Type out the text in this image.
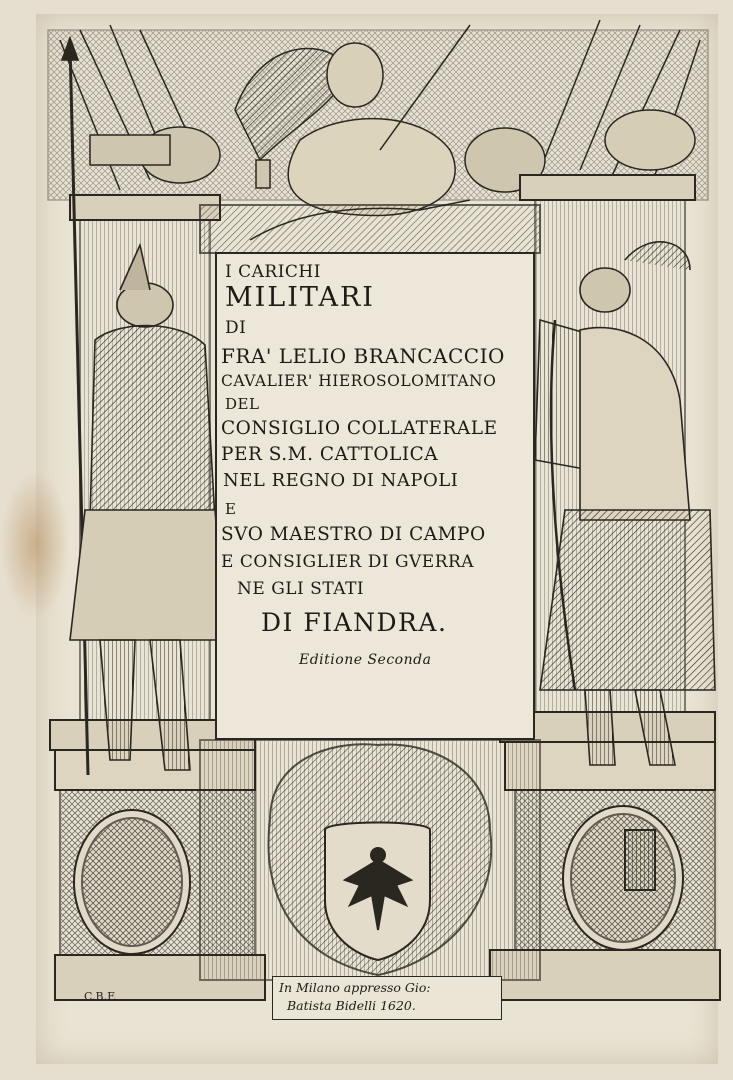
I CARICHI
MILITARI
DI
FRA' LELIO BRANCACCIO
CAVALIER' HIEROSOLOMITANO
DEL
CONSIGLIO COLLATERALE
PER S.M. CATTOLICA
NEL REGNO DI NAPOLI
E
SVO MAESTRO DI CAMPO
E CONSIGLIER DI GVERRA
NE GLI STATI
DI FIANDRA.
Editione Seconda
In Milano appresso Gio:
Batista Bidelli 1620.
C.B.F.
